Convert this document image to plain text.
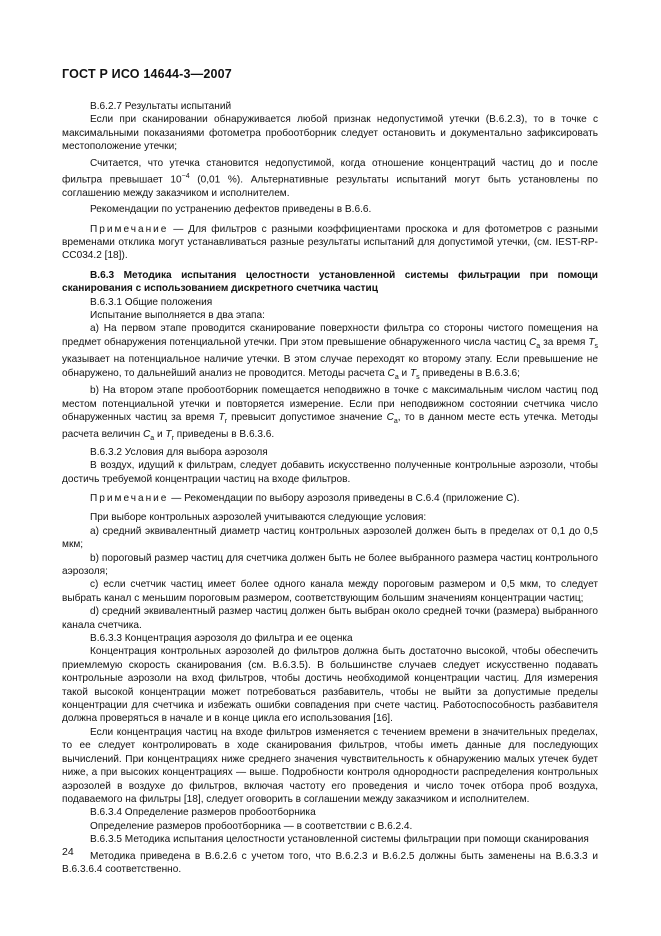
ГОСТ Р ИСО 14644-3—2007

В.6.2.7 Результаты испытаний

Если при сканировании обнаруживается любой признак недопустимой утечки (В.6.2.3), то в точке с максимальными показаниями фотометра пробоотборник следует остановить и документально зафиксировать местоположение утечки;

Считается, что утечка становится недопустимой, когда отношение концентраций частиц до и после фильтра превышает $10^{-4}$ (0,01 %). Альтернативные результаты испытаний могут быть установлены по соглашению между заказчиком и исполнителем.

Рекомендации по устранению дефектов приведены в В.6.6.

Примечание — Для фильтров с разными коэффициентами проскока и для фотометров с разными временами отклика могут устанавливаться разные результаты испытаний для допустимой утечки, (см. IEST-RP-CC034.2 [18]).

В.6.3 Методика испытания целостности установленной системы фильтрации при помощи сканирования с использованием дискретного счетчика частиц

В.6.3.1 Общие положения

Испытание выполняется в два этапа:

а) На первом этапе проводится сканирование поверхности фильтра со стороны чистого помещения на предмет обнаружения потенциальной утечки. При этом превышение обнаруженного числа частиц $C_a$ за время $T_s$ указывает на потенциальное наличие утечки. В этом случае переходят ко второму этапу. Если превышение не обнаружено, то дальнейший анализ не проводится. Методы расчета $C_a$ и $T_s$ приведены в В.6.3.6;

b) На втором этапе пробоотборник помещается неподвижно в точке с максимальным числом частиц под местом потенциальной утечки и повторяется измерение. Если при неподвижном состоянии счетчика число обнаруженных частиц за время $T_r$ превысит допустимое значение $C_a$, то в данном месте есть утечка. Методы расчета величин $C_a$ и $T_r$ приведены в В.6.3.6.

В.6.3.2 Условия для выбора аэрозоля

В воздух, идущий к фильтрам, следует добавить искусственно полученные контрольные аэрозоли, чтобы достичь требуемой концентрации частиц на входе фильтров.

Примечание — Рекомендации по выбору аэрозоля приведены в С.6.4 (приложение С).

При выборе контрольных аэрозолей учитываются следующие условия:

а) средний эквивалентный диаметр частиц контрольных аэрозолей должен быть в пределах от 0,1 до 0,5 мкм;

b) пороговый размер частиц для счетчика должен быть не более выбранного размера частиц контрольного аэрозоля;

c) если счетчик частиц имеет более одного канала между пороговым размером и 0,5 мкм, то следует выбрать канал с меньшим пороговым размером, соответствующим большим значениям концентрации частиц;

d) средний эквивалентный размер частиц должен быть выбран около средней точки (размера) выбранного канала счетчика.

В.6.3.3 Концентрация аэрозоля до фильтра и ее оценка

Концентрация контрольных аэрозолей до фильтров должна быть достаточно высокой, чтобы обеспечить приемлемую скорость сканирования (см. В.6.3.5). В большинстве случаев следует искусственно подавать контрольные аэрозоли на вход фильтров, чтобы достичь необходимой концентрации частиц. Для измерения такой высокой концентрации может потребоваться разбавитель, чтобы не выйти за допустимые пределы концентрации для счетчика и избежать ошибки совпадения при счете частиц. Работоспособность разбавителя должна проверяться в начале и в конце цикла его использования [16].

Если концентрация частиц на входе фильтров изменяется с течением времени в значительных пределах, то ее следует контролировать в ходе сканирования фильтров, чтобы иметь данные для последующих вычислений. При концентрациях ниже среднего значения чувствительность к обнаружению малых утечек будет ниже, а при высоких концентрациях — выше. Подробности контроля однородности распределения контрольных аэрозолей в воздухе до фильтров, включая частоту его проведения и число точек отбора проб воздуха, подаваемого на фильтры [18], следует оговорить в соглашении между заказчиком и исполнителем.

В.6.3.4 Определение размеров пробоотборника

Определение размеров пробоотборника — в соответствии с В.6.2.4.

В.6.3.5 Методика испытания целостности установленной системы фильтрации при помощи сканирования

Методика приведена в В.6.2.6 с учетом того, что В.6.2.3 и В.6.2.5 должны быть заменены на В.6.3.3 и В.6.3.6.4 соответственно.

24
